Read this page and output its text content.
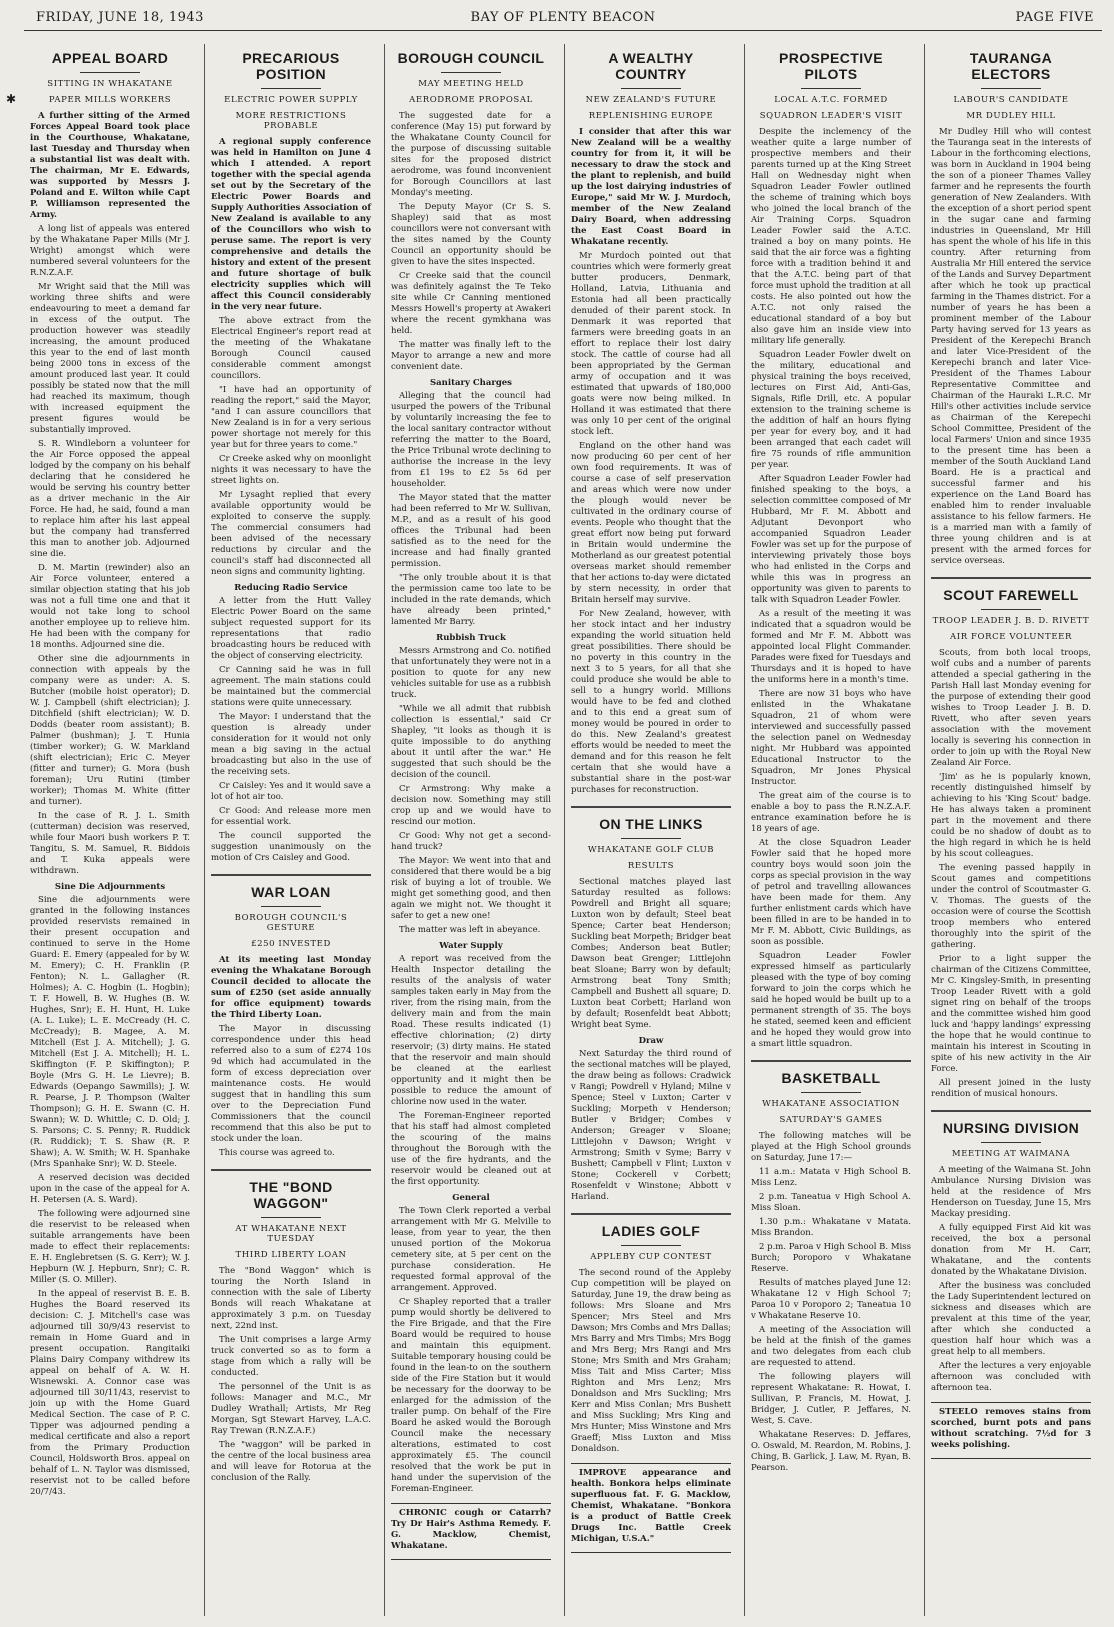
FRIDAY, JUNE 18, 1943	BAY OF PLENTY BEACON	PAGE FIVE
✱
APPEAL BOARD
SITTING IN WHAKATANE
PAPER MILLS WORKERS

A further sitting of the Armed Forces Appeal Board took place in the Courthouse, Whakatane, last Tuesday and Thursday when a substantial list was dealt with. The chairman, Mr E. Edwards, was supported by Messrs J. Poland and E. Wilton while Capt P. Williamson represented the Army.

A long list of appeals was entered by the Whakatane Paper Mills (Mr J. Wright) amongst which were numbered several volunteers for the R.N.Z.A.F.

Mr Wright said that the Mill was working three shifts and were endeavouring to meet a demand far in excess of the output. The production however was steadily increasing, the amount produced this year to the end of last month being 2000 tons in excess of the amount produced last year. It could possibly be stated now that the mill had reached its maximum, though with increased equipment the present figures would be substantially improved.

S. R. Windleborn a volunteer for the Air Force opposed the appeal lodged by the company on his behalf declaring that he considered he would be serving his country better as a driver mechanic in the Air Force. He had, he said, found a man to replace him after his last appeal but the company had transferred this man to another job. Adjourned sine die.

D. M. Martin (rewinder) also an Air Force volunteer, entered a similar objection stating that his job was not a full time one and that it would not take long to school another employee up to relieve him. He had been with the company for 18 months. Adjourned sine die.

Other sine die adjournments in connection with appeals by the company were as under: A. S. Butcher (mobile hoist operator); D. W. J. Campbell (shift electrician); J. Ditchfield (shift electrician); W. D. Dodds (beater room assistant); B. Palmer (bushman); J. T. Hunia (timber worker); G. W. Markland (shift electrician); Eric C. Meyer (fitter and turner); G. Mora (bush foreman); Uru Rutini (timber worker); Thomas M. White (fitter and turner).

In the case of R. J. L. Smith (cutterman) decision was reserved, while four Maori bush workers P. T. Tangitu, S. M. Samuel, R. Biddois and T. Kuka appeals were withdrawn.

Sine Die Adjournments

Sine die adjournments were granted in the following instances provided reservists remained in their present occupation and continued to serve in the Home Guard: E. Emery (appealed for by W. M. Emery); C. H. Franklin (P. Fenton); N. L. Gallagher (R. Holmes); A. C. Hogbin (L. Hogbin); T. F. Howell, B. W. Hughes (B. W. Hughes, Snr); E. H. Hunt, H. Luke (A. L. Luke); L. E. McCready (H. C. McCready); B. Magee, A. M. Mitchell (Est J. A. Mitchell); J. G. Mitchell (Est J. A. Mitchell); H. L. Skiffington (F. P. Skiffington); P. Boyle (Mrs G. H. Le Lievre); B. Edwards (Oepango Sawmills); J. W. R. Pearse, J. P. Thompson (Walter Thompson); G. H. E. Swann (C. H. Swann); W. D. Whittle; C. D. Old; J. S. Parsons; C. S. Penny; R. Ruddick (R. Ruddick); T. S. Shaw (R. P. Shaw); A. W. Smith; W. H. Spanhake (Mrs Spanhake Snr); W. D. Steele.

A reserved decision was decided upon in the case of the appeal for A. H. Petersen (A. S. Ward).

The following were adjourned sine die reservist to be released when suitable arrangements have been made to effect their replacements: E. H. Englebretsen (S. G. Kerr); W. J. Hepburn (W. J. Hepburn, Snr); C. R. Miller (S. O. Miller).

In the appeal of reservist B. E. B. Hughes the Board reserved its decision: C. J. Mitchell's case was adjourned till 30/9/43 reservist to remain in Home Guard and in present occupation. Rangitaiki Plains Dairy Company withdrew its appeal on behalf of A. W. H. Wisnewski. A. Connor case was adjourned till 30/11/43, reservist to join up with the Home Guard Medical Section. The case of P. C. Tipper was adjourned pending a medical certificate and also a report from the Primary Production Council, Holdsworth Bros. appeal on behalf of L. N. Taylor was dismissed, reservist not to be called before 20/7/43.

PRECARIOUS POSITION
ELECTRIC POWER SUPPLY
MORE RESTRICTIONS PROBABLE

A regional supply conference was held in Hamilton on June 4 which I attended. A report together with the special agenda set out by the Secretary of the Electric Power Boards and Supply Authorities Association of New Zealand is available to any of the Councillors who wish to peruse same. The report is very comprehensive and details the history and extent of the present and future shortage of bulk electricity supplies which will affect this Council considerably in the very near future.

The above extract from the Electrical Engineer's report read at the meeting of the Whakatane Borough Council caused considerable comment amongst councillors.

"I have had an opportunity of reading the report," said the Mayor, "and I can assure councillors that New Zealand is in for a very serious power shortage not merely for this year but for three years to come."

Cr Creeke asked why on moonlight nights it was necessary to have the street lights on.

Mr Lysaght replied that every available opportunity would be exploited to conserve the supply. The commercial consumers had been advised of the necessary reductions by circular and the council's staff had disconnected all neon signs and community lighting.

Reducing Radio Service

A letter from the Hutt Valley Electric Power Board on the same subject requested support for its representations that radio broadcasting hours be reduced with the object of conserving electricity.

Cr Canning said he was in full agreement. The main stations could be maintained but the commercial stations were quite unnecessary.

The Mayor: I understand that the question is already under consideration for it would not only mean a big saving in the actual broadcasting but also in the use of the receiving sets.

Cr Caisley: Yes and it would save a lot of hot air too.

Cr Good: And release more men for essential work.

The council supported the suggestion unanimously on the motion of Crs Caisley and Good.

WAR LOAN
BOROUGH COUNCIL'S GESTURE
£250 INVESTED

At its meeting last Monday evening the Whakatane Borough Council decided to allocate the sum of £250 (set aside annually for office equipment) towards the Third Liberty Loan.

The Mayor in discussing correspondence under this head referred also to a sum of £274 10s 9d which had accumulated in the form of excess depreciation over maintenance costs. He would suggest that in handling this sum over to the Depreciation Fund Commissioners that the council recommend that this also be put to stock under the loan.

This course was agreed to.

THE "BOND WAGGON"
AT WHAKATANE NEXT TUESDAY
THIRD LIBERTY LOAN

The "Bond Waggon" which is touring the North Island in connection with the sale of Liberty Bonds will reach Whakatane at approximately 3 p.m. on Tuesday next, 22nd inst.

The Unit comprises a large Army truck converted so as to form a stage from which a rally will be conducted.

The personnel of the Unit is as follows: Manager and M.C., Mr Dudley Wrathall; Artists, Mr Reg Morgan, Sgt Stewart Harvey, L.A.C. Ray Trewan (R.N.Z.A.F.)

The "waggon" will be parked in the centre of the local business area and will leave for Rotorua at the conclusion of the Rally.

BOROUGH COUNCIL
MAY MEETING HELD
AERODROME PROPOSAL

The suggested date for a conference (May 15) put forward by the Whakatane County Council for the purpose of discussing suitable sites for the proposed district aerodrome, was found inconvenient for Borough Councillors at last Monday's meeting.

The Deputy Mayor (Cr S. S. Shapley) said that as most councillors were not conversant with the sites named by the County Council an opportunity should be given to have the sites inspected.

Cr Creeke said that the council was definitely against the Te Teko site while Cr Canning mentioned Messrs Howell's property at Awakeri where the recent gymkhana was held.

The matter was finally left to the Mayor to arrange a new and more convenient date.

Sanitary Charges

Alleging that the council had usurped the powers of the Tribunal by voluntarily increasing the fee to the local sanitary contractor without referring the matter to the Board, the Price Tribunal wrote declining to authorise the increase in the levy from £1 19s to £2 5s 6d per householder.

The Mayor stated that the matter had been referred to Mr W. Sullivan, M.P., and as a result of his good offices the Tribunal had been satisfied as to the need for the increase and had finally granted permission.

"The only trouble about it is that the permission came too late to be included in the rate demands, which have already been printed," lamented Mr Barry.

Rubbish Truck

Messrs Armstrong and Co. notified that unfortunately they were not in a position to quote for any new vehicles suitable for use as a rubbish truck.

"While we all admit that rubbish collection is essential," said Cr Shapley, "it looks as though it is quite impossible to do anything about it until after the war." He suggested that such should be the decision of the council.

Cr Armstrong: Why make a decision now. Something may still crop up and we would have to rescind our motion.

Cr Good: Why not get a second-hand truck?

The Mayor: We went into that and considered that there would be a big risk of buying a lot of trouble. We might get something good, and then again we might not. We thought it safer to get a new one!

The matter was left in abeyance.

Water Supply

A report was received from the Health Inspector detailing the results of the analysis of water samples taken early in May from the river, from the rising main, from the delivery main and from the main Road. These results indicated (1) effective chlorination; (2) dirty reservoir; (3) dirty mains. He stated that the reservoir and main should be cleaned at the earliest opportunity and it might then be possible to reduce the amount of chlorine now used in the water.

The Foreman-Engineer reported that his staff had almost completed the scouring of the mains throughout the Borough with the use of the fire hydrants, and the reservoir would be cleaned out at the first opportunity.

General

The Town Clerk reported a verbal arrangement with Mr G. Melville to lease, from year to year, the then unused portion of the Mokorua cemetery site, at 5 per cent on the purchase consideration. He requested formal approval of the arrangement. Approved.

Cr Shapley reported that a trailer pump would shortly be delivered to the Fire Brigade, and that the Fire Board would be required to house and maintain this equipment. Suitable temporary housing could be found in the lean-to on the southern side of the Fire Station but it would be necessary for the doorway to be enlarged for the admission of the trailer pump. On behalf of the Fire Board he asked would the Borough Council make the necessary alterations, estimated to cost approximately £5. The council resolved that the work be put in hand under the supervision of the Foreman-Engineer.

CHRONIC cough or Catarrh? Try Dr Hair's Asthma Remedy. F. G. Macklow, Chemist, Whakatane.

A WEALTHY COUNTRY
NEW ZEALAND'S FUTURE
REPLENISHING EUROPE

I consider that after this war New Zealand will be a wealthy country for from it, it will be necessary to draw the stock and the plant to replenish, and build up the lost dairying industries of Europe," said Mr W. J. Murdoch, member of the New Zealand Dairy Board, when addressing the East Coast Board in Whakatane recently.

Mr Murdoch pointed out that countries which were formerly great butter producers, Denmark, Holland, Latvia, Lithuania and Estonia had all been practically denuded of their parent stock. In Denmark it was reported that farmers were breeding goats in an effort to replace their lost dairy stock. The cattle of course had all been appropriated by the German army of occupation and it was estimated that upwards of 180,000 goats were now being milked. In Holland it was estimated that there was only 10 per cent of the original stock left.

England on the other hand was now producing 60 per cent of her own food requirements. It was of course a case of self preservation and areas which were now under the plough would never be cultivated in the ordinary course of events. People who thought that the great effort now being put forward in Britain would undermine the Motherland as our greatest potential overseas market should remember that her actions to-day were dictated by stern necessity, in order that Britain herself may survive.

For New Zealand, however, with her stock intact and her industry expanding the world situation held great possibilities. There should be no poverty in this country in the next 3 to 5 years, for all that she could produce she would be able to sell to a hungry world. Millions would have to be fed and clothed and to this end a great sum of money would be poured in order to do this. New Zealand's greatest efforts would be needed to meet the demand and for this reason he felt certain that she would have a substantial share in the post-war purchases for reconstruction.

ON THE LINKS
WHAKATANE GOLF CLUB
RESULTS

Sectional matches played last Saturday resulted as follows: Powdrell and Bright all square; Luxton won by default; Steel beat Spence; Carter beat Henderson; Suckling beat Morpeth; Bridger beat Combes; Anderson beat Butler; Dawson beat Grenger; Littlejohn beat Sloane; Barry won by default; Armstrong beat Tony Smith; Campbell and Bushett all square; D. Luxton beat Corbett; Harland won by default; Rosenfeldt beat Abbott; Wright beat Syme.

Draw

Next Saturday the third round of the sectional matches will be played, the draw being as follows: Cradwick v Rangi; Powdrell v Hyland; Milne v Spence; Steel v Luxton; Carter v Suckling; Morpeth v Henderson; Butler v Bridger; Combes v Anderson; Greager v Sloane; Littlejohn v Dawson; Wright v Armstrong; Smith v Syme; Barry v Bushett; Campbell v Flint; Luxton v Stone; Cockerell v Corbett; Rosenfeldt v Winstone; Abbott v Harland.

LADIES GOLF
APPLEBY CUP CONTEST

The second round of the Appleby Cup competition will be played on Saturday, June 19, the draw being as follows: Mrs Sloane and Mrs Spencer; Mrs Steel and Mrs Dawson; Mrs Combs and Mrs Dallas; Mrs Barry and Mrs Timbs; Mrs Bogg and Mrs Berg; Mrs Rangi and Mrs Stone; Mrs Smith and Mrs Graham; Miss Tait and Miss Carter; Miss Righton and Mrs Lenz; Mrs Donaldson and Mrs Suckling; Mrs Kerr and Miss Conlan; Mrs Bushett and Miss Suckling; Mrs King and Mrs Hunter; Miss Winstone and Mrs Graeff; Miss Luxton and Miss Donaldson.

IMPROVE appearance and health. Bonkora helps eliminate superfluous fat. F. G. Macklow, Chemist, Whakatane. "Bonkora is a product of Battle Creek Drugs Inc. Battle Creek Michigan, U.S.A."

PROSPECTIVE PILOTS
LOCAL A.T.C. FORMED
SQUADRON LEADER'S VISIT

Despite the inclemency of the weather quite a large number of prospective members and their parents turned up at the King Street Hall on Wednesday night when Squadron Leader Fowler outlined the scheme of training which boys who joined the local branch of the Air Training Corps. Squadron Leader Fowler said the A.T.C. trained a boy on many points. He said that the air force was a fighting force with a tradition behind it and that the A.T.C. being part of that force must uphold the tradition at all costs. He also pointed out how the A.T.C. not only raised the educational standard of a boy but also gave him an inside view into military life generally.

Squadron Leader Fowler dwelt on the military, educational and physical training the boys received, lectures on First Aid, Anti-Gas, Signals, Rifle Drill, etc. A popular extension to the training scheme is the addition of half an hours flying per year for every boy, and it had been arranged that each cadet will fire 75 rounds of rifle ammunition per year.

After Squadron Leader Fowler had finished speaking to the boys, a selection committee composed of Mr Hubbard, Mr F. M. Abbott and Adjutant Devonport who accompanied Squadron Leader Fowler was set up for the purpose of interviewing privately those boys who had enlisted in the Corps and while this was in progress an opportunity was given to parents to talk with Squadron Leader Fowler.

As a result of the meeting it was indicated that a squadron would be formed and Mr F. M. Abbott was appointed local Flight Commander. Parades were fixed for Tuesdays and Thursdays and it is hoped to have the uniforms here in a month's time.

There are now 31 boys who have enlisted in the Whakatane Squadron, 21 of whom were interviewed and successfully passed the selection panel on Wednesday night. Mr Hubbard was appointed Educational Instructor to the Squadron, Mr Jones Physical Instructor.

The great aim of the course is to enable a boy to pass the R.N.Z.A.F. entrance examination before he is 18 years of age.

At the close Squadron Leader Fowler said that he hoped more country boys would soon join the corps as special provision in the way of petrol and travelling allowances have been made for them. Any further enlistment cards which have been filled in are to be handed in to Mr F. M. Abbott, Civic Buildings, as soon as possible.

Squadron Leader Fowler expressed himself as particularly pleased with the type of boy coming forward to join the corps which he said he hoped would be built up to a permanent strength of 35. The boys he stated, seemed keen and efficient and he hoped they would grow into a smart little squadron.

BASKETBALL
WHAKATANE ASSOCIATION
SATURDAY'S GAMES

The following matches will be played at the High School grounds on Saturday, June 17:—

11 a.m.: Matata v High School B. Miss Lenz.

2 p.m. Taneatua v High School A. Miss Sloan.

1.30 p.m.: Whakatane v Matata. Miss Brandon.

2 p.m. Paroa v High School B. Miss Burch; Poroporo v Whakatane Reserve.

Results of matches played June 12: Whakatane 12 v High School 7; Paroa 10 v Poroporo 2; Taneatua 10 v Whakatane Reserve 10.

A meeting of the Association will be held at the finish of the games and two delegates from each club are requested to attend.

The following players will represent Whakatane: R. Howat, I. Sullivan, P. Francis, M. Howat, J. Bridger, J. Cutler, P. Jeffares, N. West, S. Cave.

Whakatane Reserves: D. Jeffares, O. Oswald, M. Reardon, M. Robins, J. Ching, B. Garlick, J. Law, M. Ryan, B. Pearson.

TAURANGA ELECTORS
LABOUR'S CANDIDATE
MR DUDLEY HILL

Mr Dudley Hill who will contest the Tauranga seat in the interests of Labour in the forthcoming elections, was born in Auckland in 1904 being the son of a pioneer Thames Valley farmer and he represents the fourth generation of New Zealanders. With the exception of a short period spent in the sugar cane and farming industries in Queensland, Mr Hill has spent the whole of his life in this country. After returning from Australia Mr Hill entered the service of the Lands and Survey Department after which he took up practical farming in the Thames district. For a number of years he has been a prominent member of the Labour Party having served for 13 years as President of the Kerepechi Branch and later Vice-President of the Kerepechi branch and later Vice-President of the Thames Labour Representative Committee and Chairman of the Hauraki L.R.C. Mr Hill's other activities include service as Chairman of the Kerepechi School Committee, President of the local Farmers' Union and since 1935 to the present time has been a member of the South Auckland Land Board. He is a practical and successful farmer and his experience on the Land Board has enabled him to render invaluable assistance to his fellow farmers. He is a married man with a family of three young children and is at present with the armed forces for service overseas.

SCOUT FAREWELL
TROOP LEADER J. B. D. RIVETT
AIR FORCE VOLUNTEER

Scouts, from both local troops, wolf cubs and a number of parents attended a special gathering in the Parish Hall last Monday evening for the purpose of extending their good wishes to Troop Leader J. B. D. Rivett, who after seven years association with the movement locally is severing his connection in order to join up with the Royal New Zealand Air Force.

'Jim' as he is popularly known, recently distinguished himself by achieving to his 'King Scout' badge. He has always taken a prominent part in the movement and there could be no shadow of doubt as to the high regard in which he is held by his scout colleagues.

The evening passed happily in Scout games and competitions under the control of Scoutmaster G. V. Thomas. The guests of the occasion were of course the Scottish troop members who entered thoroughly into the spirit of the gathering.

Prior to a light supper the chairman of the Citizens Committee, Mr C. Kingsley-Smith, in presenting Troop Leader Rivett with a gold signet ring on behalf of the troops and the committee wished him good luck and 'happy landings' expressing the hope that he would continue to maintain his interest in Scouting in spite of his new activity in the Air Force.

All present joined in the lusty rendition of musical honours.

NURSING DIVISION
MEETING AT WAIMANA

A meeting of the Waimana St. John Ambulance Nursing Division was held at the residence of Mrs Henderson on Tuesday, June 15, Mrs Mackay presiding.

A fully equipped First Aid kit was received, the box a personal donation from Mr H. Carr, Whakatane, and the contents donated by the Whakatane Division.

After the business was concluded the Lady Superintendent lectured on sickness and diseases which are prevalent at this time of the year, after which she conducted a question half hour which was a great help to all members.

After the lectures a very enjoyable afternoon was concluded with afternoon tea.

STEELO removes stains from scorched, burnt pots and pans without scratching. 7½d for 3 weeks polishing.
